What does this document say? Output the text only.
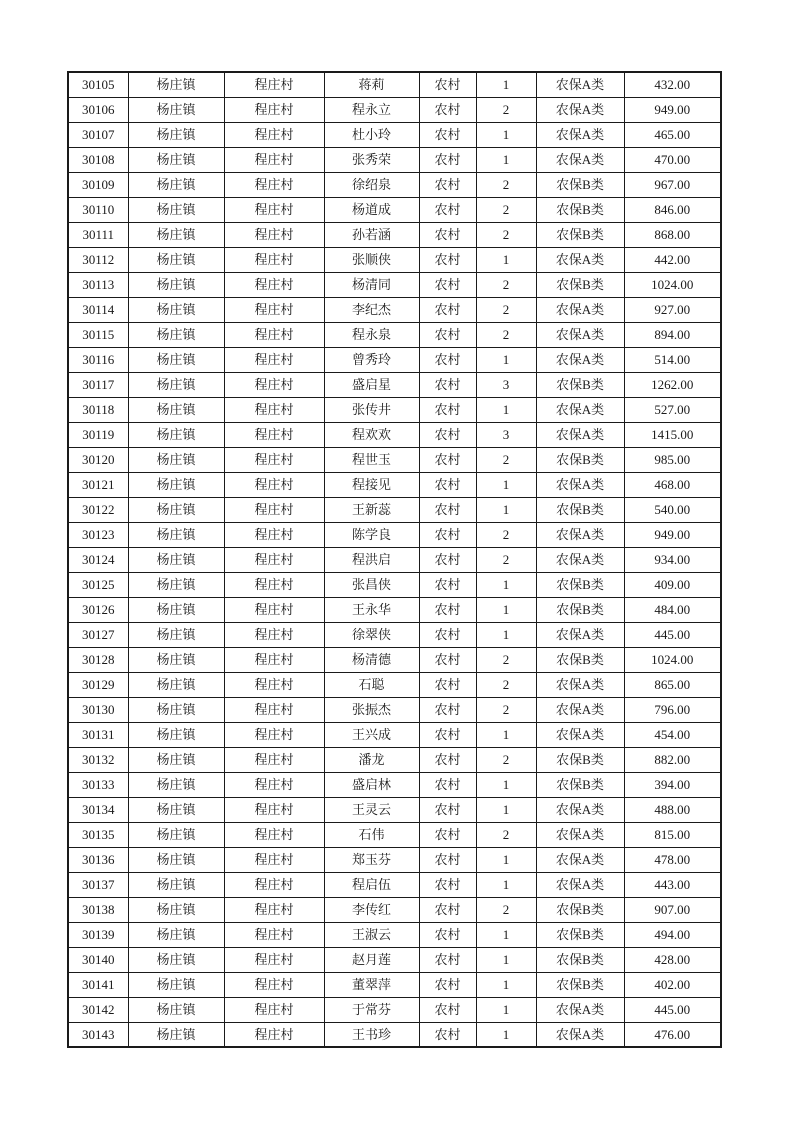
30105	杨庄镇	程庄村	蒋莉	农村	1	农保A类	432.00
30106	杨庄镇	程庄村	程永立	农村	2	农保A类	949.00
30107	杨庄镇	程庄村	杜小玲	农村	1	农保A类	465.00
30108	杨庄镇	程庄村	张秀荣	农村	1	农保A类	470.00
30109	杨庄镇	程庄村	徐绍泉	农村	2	农保B类	967.00
30110	杨庄镇	程庄村	杨道成	农村	2	农保B类	846.00
30111	杨庄镇	程庄村	孙若涵	农村	2	农保B类	868.00
30112	杨庄镇	程庄村	张顺侠	农村	1	农保A类	442.00
30113	杨庄镇	程庄村	杨清同	农村	2	农保B类	1024.00
30114	杨庄镇	程庄村	李纪杰	农村	2	农保A类	927.00
30115	杨庄镇	程庄村	程永泉	农村	2	农保A类	894.00
30116	杨庄镇	程庄村	曾秀玲	农村	1	农保A类	514.00
30117	杨庄镇	程庄村	盛启星	农村	3	农保B类	1262.00
30118	杨庄镇	程庄村	张传井	农村	1	农保A类	527.00
30119	杨庄镇	程庄村	程欢欢	农村	3	农保A类	1415.00
30120	杨庄镇	程庄村	程世玉	农村	2	农保B类	985.00
30121	杨庄镇	程庄村	程接见	农村	1	农保A类	468.00
30122	杨庄镇	程庄村	王新蕊	农村	1	农保B类	540.00
30123	杨庄镇	程庄村	陈学良	农村	2	农保A类	949.00
30124	杨庄镇	程庄村	程洪启	农村	2	农保A类	934.00
30125	杨庄镇	程庄村	张昌侠	农村	1	农保B类	409.00
30126	杨庄镇	程庄村	王永华	农村	1	农保B类	484.00
30127	杨庄镇	程庄村	徐翠侠	农村	1	农保A类	445.00
30128	杨庄镇	程庄村	杨清德	农村	2	农保B类	1024.00
30129	杨庄镇	程庄村	石聪	农村	2	农保A类	865.00
30130	杨庄镇	程庄村	张振杰	农村	2	农保A类	796.00
30131	杨庄镇	程庄村	王兴成	农村	1	农保A类	454.00
30132	杨庄镇	程庄村	潘龙	农村	2	农保B类	882.00
30133	杨庄镇	程庄村	盛启林	农村	1	农保B类	394.00
30134	杨庄镇	程庄村	王灵云	农村	1	农保A类	488.00
30135	杨庄镇	程庄村	石伟	农村	2	农保A类	815.00
30136	杨庄镇	程庄村	郑玉芬	农村	1	农保A类	478.00
30137	杨庄镇	程庄村	程启伍	农村	1	农保A类	443.00
30138	杨庄镇	程庄村	李传红	农村	2	农保B类	907.00
30139	杨庄镇	程庄村	王淑云	农村	1	农保B类	494.00
30140	杨庄镇	程庄村	赵月莲	农村	1	农保B类	428.00
30141	杨庄镇	程庄村	董翠萍	农村	1	农保B类	402.00
30142	杨庄镇	程庄村	于常芬	农村	1	农保A类	445.00
30143	杨庄镇	程庄村	王书珍	农村	1	农保A类	476.00
